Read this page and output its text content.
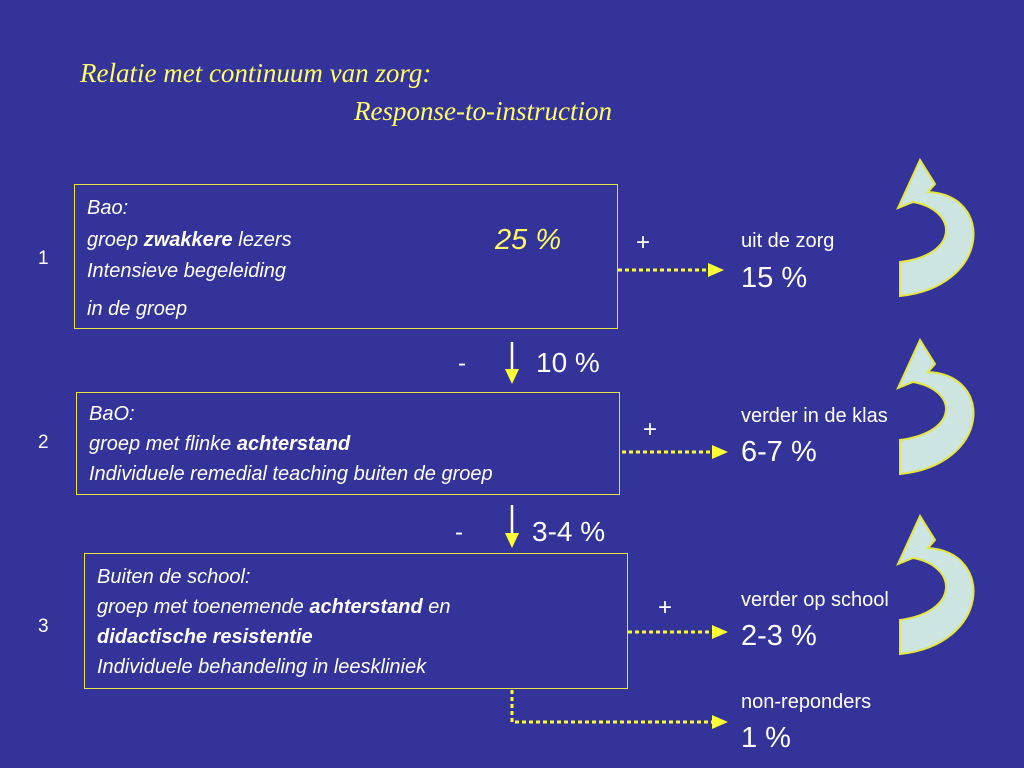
Relatie met continuum van zorg:
Response-to-instruction
1
2
3
Bao:
groep zwakkere lezers
Intensieve begeleiding
in de groep
25 %
BaO:
groep met flinke achterstand
Individuele remedial teaching buiten de groep
Buiten de school:
groep met toenemende achterstand en
didactische resistentie
Individuele behandeling in leeskliniek
-	10 %
- 3-4 %
+
+
+
uit de zorg
15 %
verder in de klas
6-7 %
verder op school
2-3 %
non-reponders
1 %
